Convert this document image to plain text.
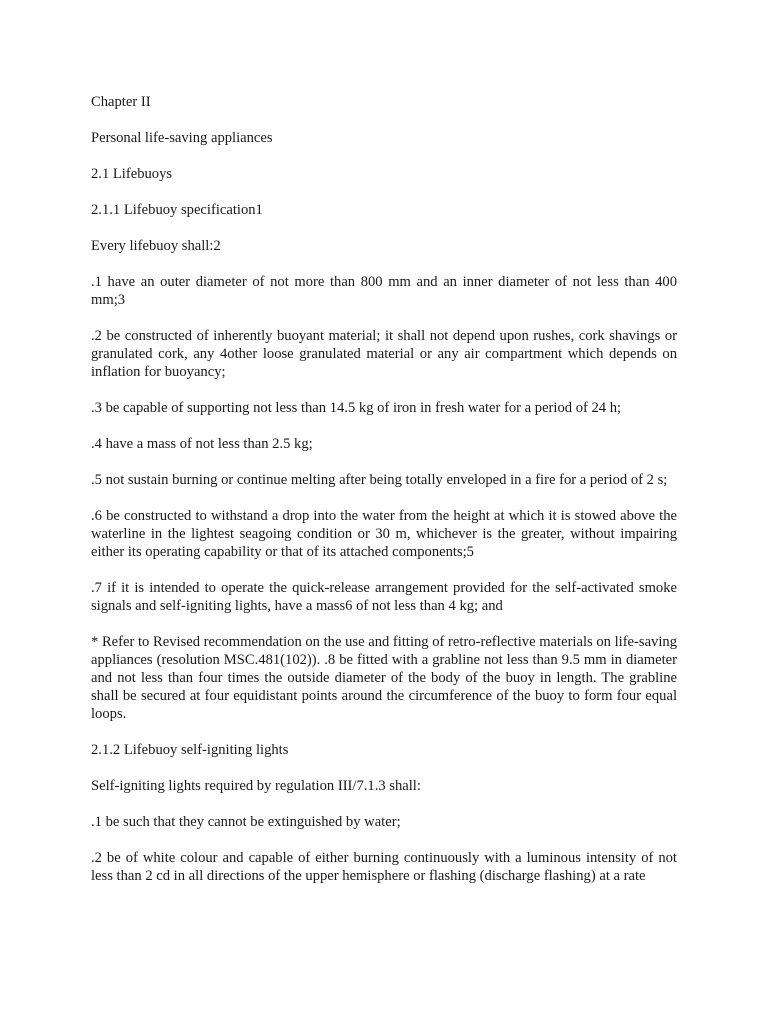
Chapter II

Personal life-saving appliances

2.1 Lifebuoys

2.1.1 Lifebuoy specification1

Every lifebuoy shall:2

.1 have an outer diameter of not more than 800 mm and an inner diameter of not less than 400 mm;3

.2 be constructed of inherently buoyant material; it shall not depend upon rushes, cork shavings or granulated cork, any 4other loose granulated material or any air compartment which depends on inflation for buoyancy;

.3 be capable of supporting not less than 14.5 kg of iron in fresh water for a period of 24 h;

.4 have a mass of not less than 2.5 kg;

.5 not sustain burning or continue melting after being totally enveloped in a fire for a period of 2 s;

.6 be constructed to withstand a drop into the water from the height at which it is stowed above the waterline in the lightest seagoing condition or 30 m, whichever is the greater, without impairing either its operating capability or that of its attached components;5

.7 if it is intended to operate the quick-release arrangement provided for the self-activated smoke signals and self-igniting lights, have a mass6 of not less than 4 kg; and

* Refer to Revised recommendation on the use and fitting of retro-reflective materials on life-saving appliances (resolution MSC.481(102)). .8 be fitted with a grabline not less than 9.5 mm in diameter and not less than four times the outside diameter of the body of the buoy in length. The grabline shall be secured at four equidistant points around the circumference of the buoy to form four equal loops.

2.1.2 Lifebuoy self-igniting lights

Self-igniting lights required by regulation III/7.1.3 shall:

.1 be such that they cannot be extinguished by water;

.2 be of white colour and capable of either burning continuously with a luminous intensity of not less than 2 cd in all directions of the upper hemisphere or flashing (discharge flashing) at a rate
